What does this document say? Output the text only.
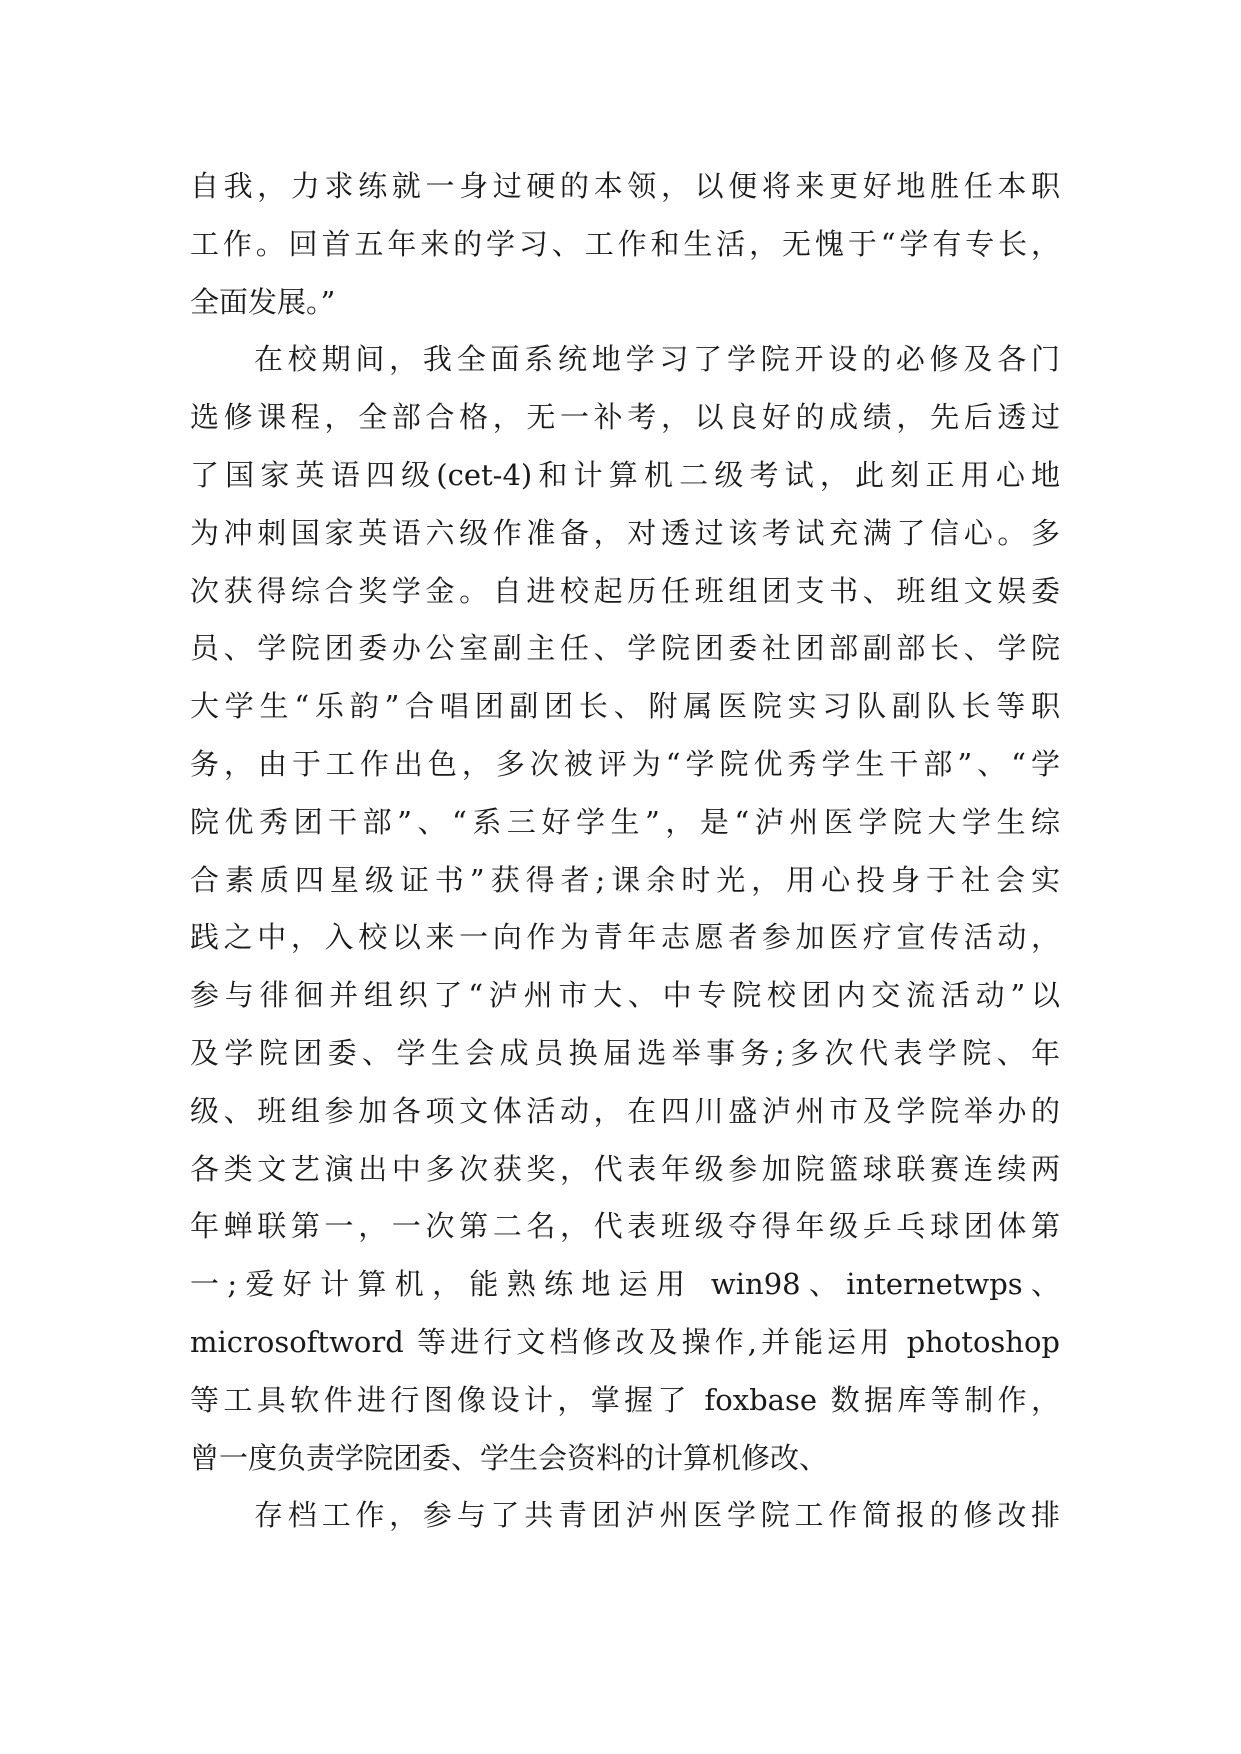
自我，力求练就一身过硬的本领，以便将来更好地胜任本职
工作。回首五年来的学习、工作和生活，无愧于“学有专长，
全面发展。”
在校期间，我全面系统地学习了学院开设的必修及各门
选修课程，全部合格，无一补考，以良好的成绩，先后透过
了国家英语四级(cet-4)和计算机二级考试，此刻正用心地
为冲刺国家英语六级作准备，对透过该考试充满了信心。多
次获得综合奖学金。自进校起历任班组团支书、班组文娱委
员、学院团委办公室副主任、学院团委社团部副部长、学院
大学生“乐韵”合唱团副团长、附属医院实习队副队长等职
务，由于工作出色，多次被评为“学院优秀学生干部”、“学
院优秀团干部”、“系三好学生”，是“泸州医学院大学生综
合素质四星级证书”获得者;课余时光，用心投身于社会实
践之中，入校以来一向作为青年志愿者参加医疗宣传活动，
参与徘徊并组织了“泸州市大、中专院校团内交流活动”以
及学院团委、学生会成员换届选举事务;多次代表学院、年
级、班组参加各项文体活动，在四川盛泸州市及学院举办的
各类文艺演出中多次获奖，代表年级参加院篮球联赛连续两
年蝉联第一，一次第二名，代表班级夺得年级乒乓球团体第
一;爱好计算机，能熟练地运用 win98、internetwps、
microsoftword 等进行文档修改及操作,并能运用 photoshop
等工具软件进行图像设计，掌握了 foxbase 数据库等制作，
曾一度负责学院团委、学生会资料的计算机修改、
存档工作，参与了共青团泸州医学院工作简报的修改排
